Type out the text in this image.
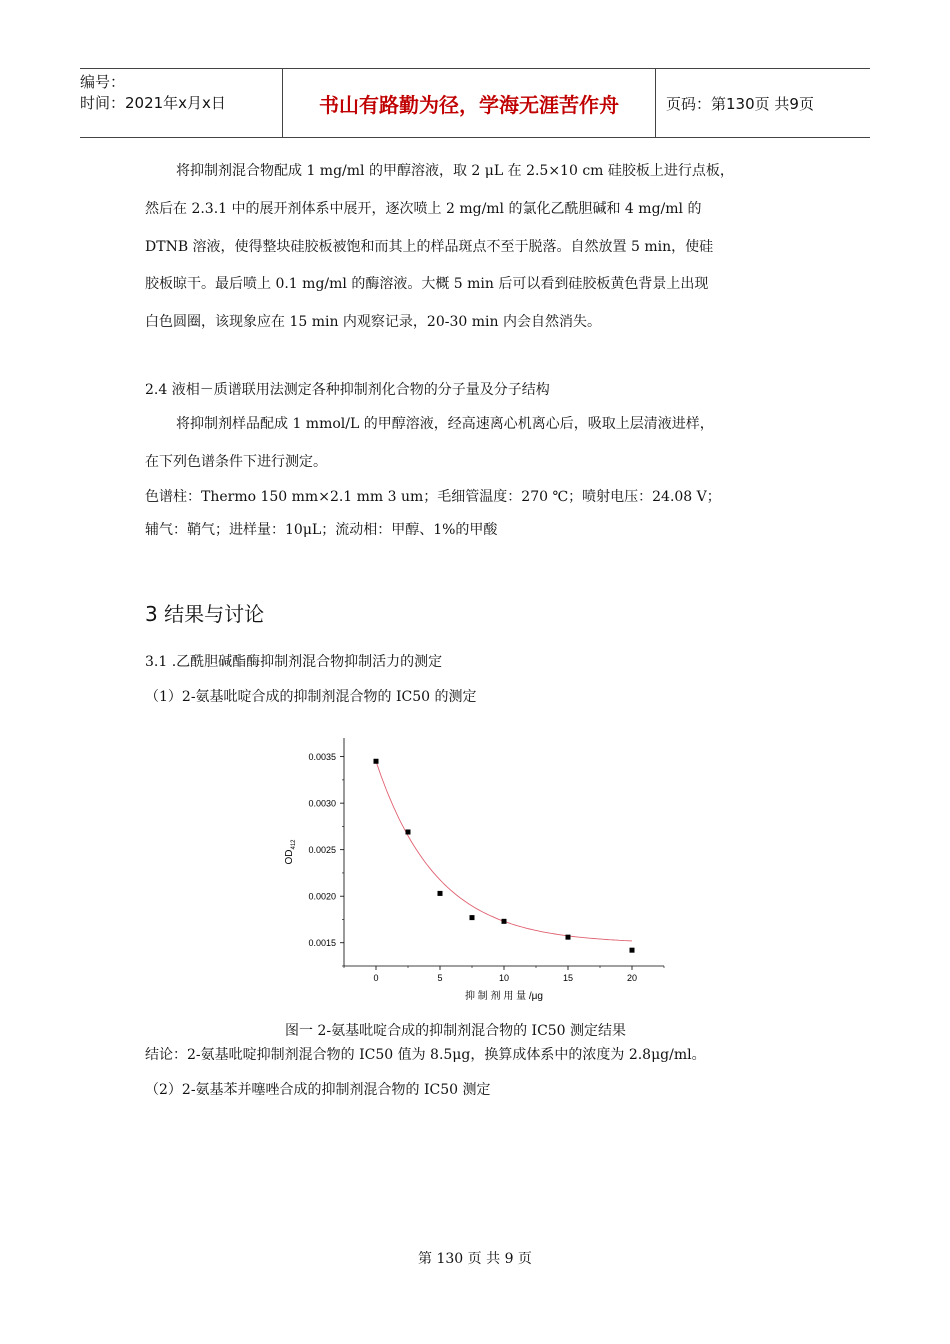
编号：
时间：2021年x月x日	书山有路勤为径，学海无涯苦作舟	页码：第130页 共9页
将抑制剂混合物配成 1 mg/ml 的甲醇溶液，取 2 μL 在 2.5×10 cm 硅胶板上进行点板，
然后在 2.3.1 中的展开剂体系中展开，逐次喷上 2 mg/ml 的氯化乙酰胆碱和 4 mg/ml 的
DTNB 溶液，使得整块硅胶板被饱和而其上的样品斑点不至于脱落。自然放置 5 min，使硅
胶板晾干。最后喷上 0.1 mg/ml 的酶溶液。大概 5 min 后可以看到硅胶板黄色背景上出现
白色圆圈，该现象应在 15 min 内观察记录，20-30 min 内会自然消失。
2.4 液相－质谱联用法测定各种抑制剂化合物的分子量及分子结构
将抑制剂样品配成 1 mmol/L 的甲醇溶液，经高速离心机离心后，吸取上层清液进样，
在下列色谱条件下进行测定。
色谱柱：Thermo 150 mm×2.1 mm 3 um；毛细管温度：270 ℃；喷射电压：24.08 V；
辅气：鞘气；进样量：10μL；流动相：甲醇、1%的甲酸
3 结果与讨论
3.1 .乙酰胆碱酯酶抑制剂混合物抑制活力的测定
（1）2-氨基吡啶合成的抑制剂混合物的 IC50 的测定
0.0015
0.0020
0.0025
0.0030
0.0035
0	5	10	15	20
$OD_{412}$
抑 制 剂 用 量 /μg
图一 2-氨基吡啶合成的抑制剂混合物的 IC50 测定结果
结论：2-氨基吡啶抑制剂混合物的 IC50 值为 8.5μg，换算成体系中的浓度为 2.8μg/ml。
（2）2-氨基苯并噻唑合成的抑制剂混合物的 IC50 测定
第 130 页 共 9 页
